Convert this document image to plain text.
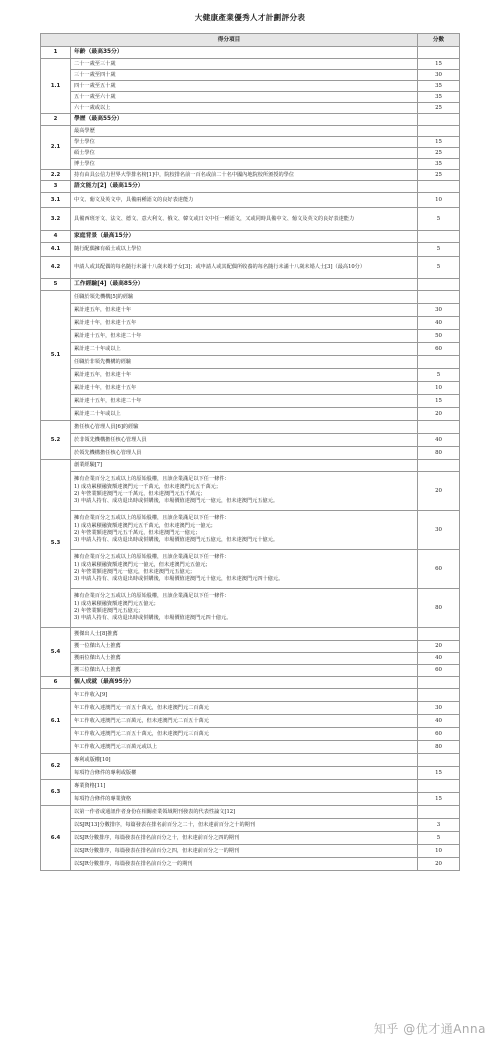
大健康產業優秀人才計劃評分表
得分項目		分數
1	年齡（最高35分）	
1.1	二十一歲至三十歲	15
	三十一歲至四十歲	30
	四十一歲至五十歲	35
	五十一歲至六十歲	35
	六十一歲或以上	25
2	學歷（最高55分）	
2.1	最高學歷	
	學士學位	15
	碩士學位	25
	博士學位	35
2.2	持有由具公信力世界大學排名榜[1]中，院校排名前一百名或前二十名中國內地院校所頒授的學位	25
3	語文能力[2]（最高15分）	
3.1	中文、葡文及英文中，具備兩種語文的良好表達能力	10
3.2	具備西班牙文、法文、德文、意大利文、俄文、韓文或日文中任一種語文，又或同時具備中文、葡文及英文的良好表達能力	5
4	家庭背景（最高15分）	
4.1	隨行配偶擁有碩士或以上學位	5
4.2	申請人或其配偶的每名隨行未滿十八歲未婚子女[3]；或申請人或其配偶所收養的每名隨行未滿十八歲未婚人士[3]（最高10分）	5
5	工作經驗[4]（最高85分）	
5.1	任職於領先機構[5]的經驗	
	累計達五年，但未達十年	30
	累計達十年，但未達十五年	40
	累計達十五年，但未達二十年	50
	累計達二十年或以上	60
	任職於非領先機構的經驗	
	累計達五年，但未達十年	5
	累計達十年，但未達十五年	10
	累計達十五年，但未達二十年	15
	累計達二十年或以上	20
5.2	擔任核心管理人員[6]的經驗	
	於非領先機構擔任核心管理人員	40
	於領先機構擔任核心管理人員	80
5.3	創業經驗[7]	

	擁有企業百分之五或以上的原始股權，且該企業滿足以下任一條件：
1) 成功累積融資額達澳門元一千萬元，但未達澳門元五千萬元；
2) 年營業額達澳門元一千萬元，但未達澳門元五千萬元；
3) 申請人持有、成功退出時或併購後，市場價值達澳門元一億元，但未達澳門元五億元。	20

	擁有企業百分之五或以上的原始股權，且該企業滿足以下任一條件：
1) 成功累積融資額達澳門元五千萬元，但未達澳門元一億元；
2) 年營業額達澳門元五千萬元，但未達澳門元一億元；
3) 申請人持有、成功退出時或併購後，市場價值達澳門元五億元，但未達澳門元十億元。	30

	擁有企業百分之五或以上的原始股權，且該企業滿足以下任一條件：
1) 成功累積融資額達澳門元一億元，但未達澳門元五億元；
2) 年營業額達澳門元一億元，但未達澳門元五億元；
3) 申請人持有、成功退出時或併購後，市場價值達澳門元十億元，但未達澳門元四十億元。	60

	擁有企業百分之五或以上的原始股權，且該企業滿足以下任一條件：
1) 成功累積融資額達澳門元五億元；
2) 年營業額達澳門元五億元；
3) 申請人持有、成功退出時或併購後，市場價值達澳門元四十億元。	80
5.4	獲傑出人士[8]推薦	
	獲一位傑出人士推薦	20
	獲兩位傑出人士推薦	40
	獲三位傑出人士推薦	60
6	個人成就（最高95分）	
6.1	年工作收入[9]	
	年工作收入達澳門元一百五十萬元，但未達澳門元二百萬元	30
	年工作收入達澳門元二百萬元，但未達澳門元二百五十萬元	40
	年工作收入達澳門元二百五十萬元，但未達澳門元三百萬元	60
	年工作收入達澳門元三百萬元或以上	80
6.2	專利或版權[10]	
	每項符合條件的專利或版權	15
6.3	專業資格[11]	
	每項符合條件的專業資格	15
6.4	以第一作者或通訊作者身份在相關產業領域期刊發表的代表性論文[12]	
	以SJR[13]分數排序，每篇發表在排名前百分之二十，但未達前百分之十的期刊	3
	以SJR分數排序，每篇發表在排名前百分之十，但未達前百分之四的期刊	5
	以SJR分數排序，每篇發表在排名前百分之四，但未達前百分之一的期刊	10
	以SJR分數排序，每篇發表在排名前百分之一的期刊	20
知乎 @优才通Anna
